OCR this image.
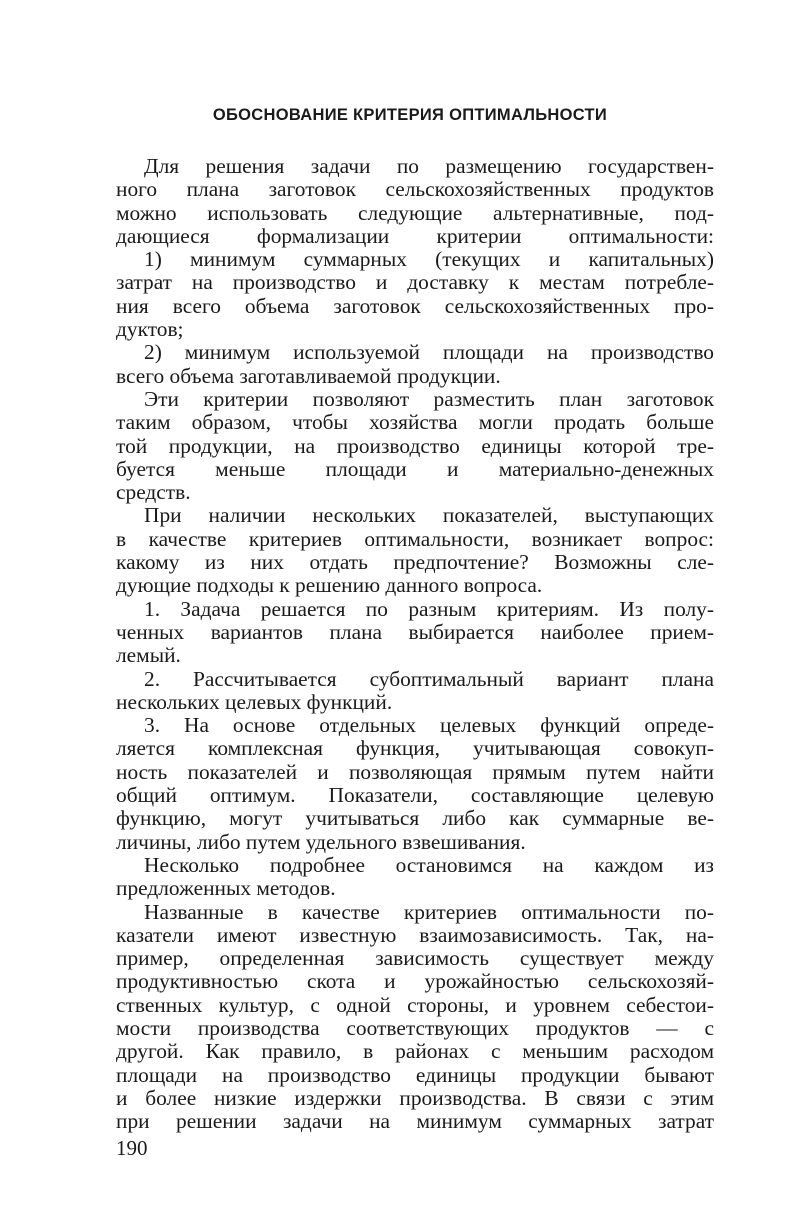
ОБОСНОВАНИЕ КРИТЕРИЯ ОПТИМАЛЬНОСТИ
Для решения задачи по размещению государствен-
ного плана заготовок сельскохозяйственных продуктов
можно использовать следующие альтернативные, под-
дающиеся формализации критерии оптимальности:
1) минимум суммарных (текущих и капитальных)
затрат на производство и доставку к местам потребле-
ния всего объема заготовок сельскохозяйственных про-
дуктов;
2) минимум используемой площади на производство
всего объема заготавливаемой продукции.
Эти критерии позволяют разместить план заготовок
таким образом, чтобы хозяйства могли продать больше
той продукции, на производство единицы которой тре-
буется меньше площади и материально-денежных
средств.
При наличии нескольких показателей, выступающих
в качестве критериев оптимальности, возникает вопрос:
какому из них отдать предпочтение? Возможны сле-
дующие подходы к решению данного вопроса.
1. Задача решается по разным критериям. Из полу-
ченных вариантов плана выбирается наиболее прием-
лемый.
2. Рассчитывается субоптимальный вариант плана
нескольких целевых функций.
3. На основе отдельных целевых функций опреде-
ляется комплексная функция, учитывающая совокуп-
ность показателей и позволяющая прямым путем найти
общий оптимум. Показатели, составляющие целевую
функцию, могут учитываться либо как суммарные ве-
личины, либо путем удельного взвешивания.
Несколько подробнее остановимся на каждом из
предложенных методов.
Названные в качестве критериев оптимальности по-
казатели имеют известную взаимозависимость. Так, на-
пример, определенная зависимость существует между
продуктивностью скота и урожайностью сельскохозяй-
ственных культур, с одной стороны, и уровнем себестои-
мости производства соответствующих продуктов — с
другой. Как правило, в районах с меньшим расходом
площади на производство единицы продукции бывают
и более низкие издержки производства. В связи с этим
при решении задачи на минимум суммарных затрат
190
